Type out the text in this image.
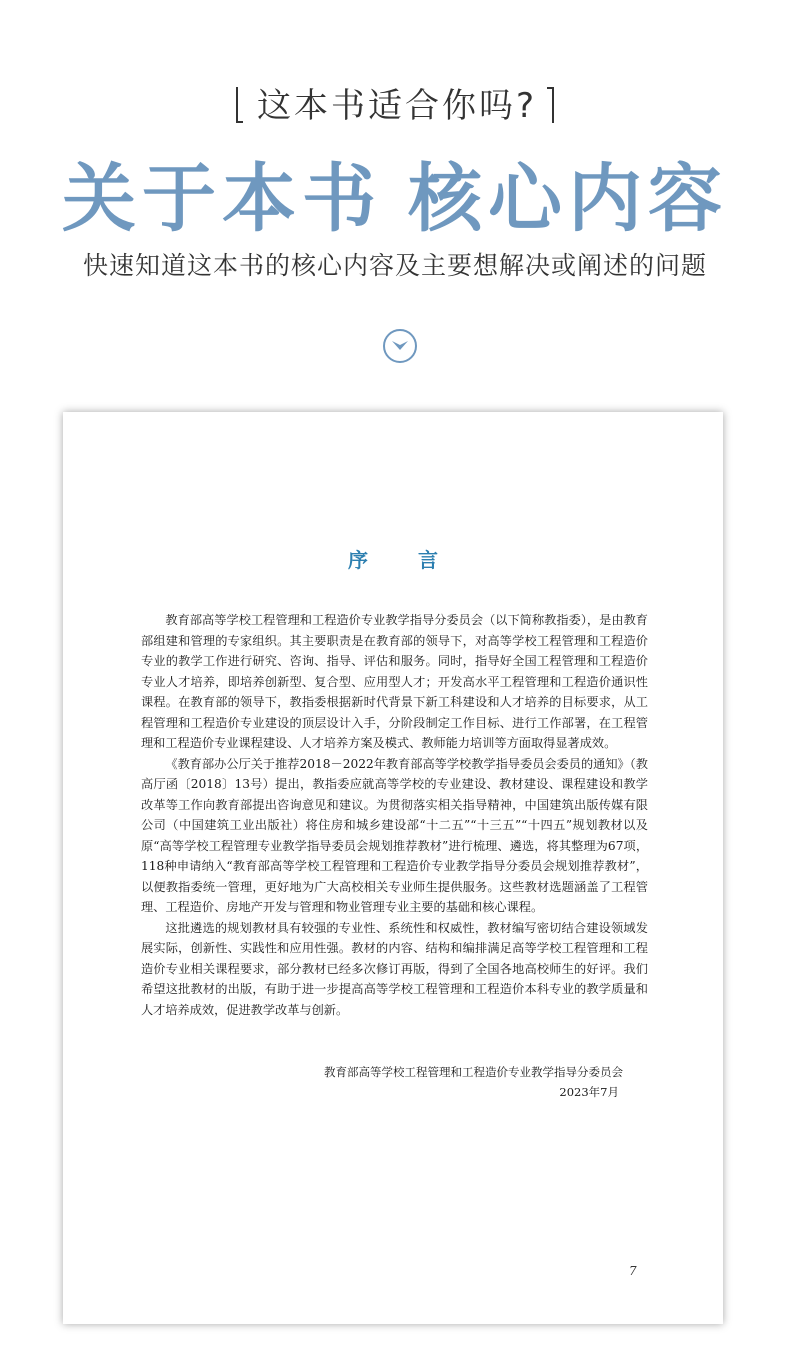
这本书适合你吗?
关于本书 核心内容
快速知道这本书的核心内容及主要想解决或阐述的问题
序	言

教育部高等学校工程管理和工程造价专业教学指导分委员会（以下简称教指委），是由教育部组建和管理的专家组织。其主要职责是在教育部的领导下，对高等学校工程管理和工程造价专业的教学工作进行研究、咨询、指导、评估和服务。同时，指导好全国工程管理和工程造价专业人才培养，即培养创新型、复合型、应用型人才；开发高水平工程管理和工程造价通识性课程。在教育部的领导下，教指委根据新时代背景下新工科建设和人才培养的目标要求，从工程管理和工程造价专业建设的顶层设计入手，分阶段制定工作目标、进行工作部署，在工程管理和工程造价专业课程建设、人才培养方案及模式、教师能力培训等方面取得显著成效。

《教育部办公厅关于推荐2018－2022年教育部高等学校教学指导委员会委员的通知》（教高厅函〔2018〕13号）提出，教指委应就高等学校的专业建设、教材建设、课程建设和教学改革等工作向教育部提出咨询意见和建议。为贯彻落实相关指导精神，中国建筑出版传媒有限公司（中国建筑工业出版社）将住房和城乡建设部“十二五”“十三五”“十四五”规划教材以及原“高等学校工程管理专业教学指导委员会规划推荐教材”进行梳理、遴选，将其整理为67项，118种申请纳入“教育部高等学校工程管理和工程造价专业教学指导分委员会规划推荐教材”，以便教指委统一管理，更好地为广大高校相关专业师生提供服务。这些教材选题涵盖了工程管理、工程造价、房地产开发与管理和物业管理专业主要的基础和核心课程。

这批遴选的规划教材具有较强的专业性、系统性和权威性，教材编写密切结合建设领域发展实际，创新性、实践性和应用性强。教材的内容、结构和编排满足高等学校工程管理和工程造价专业相关课程要求，部分教材已经多次修订再版，得到了全国各地高校师生的好评。我们希望这批教材的出版，有助于进一步提高高等学校工程管理和工程造价本科专业的教学质量和人才培养成效，促进教学改革与创新。

教育部高等学校工程管理和工程造价专业教学指导分委员会
2023年7月
7
